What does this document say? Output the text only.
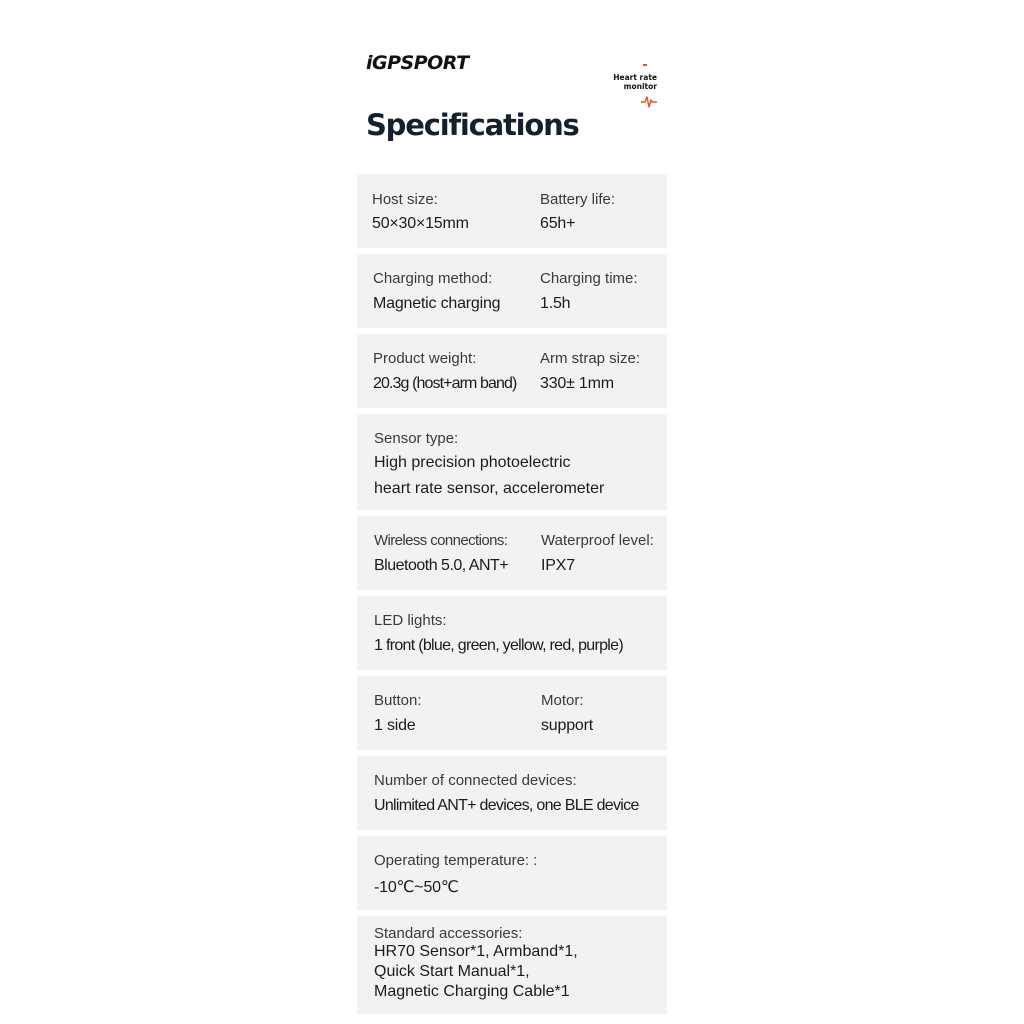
iGPSPORT
Heart rate
monitor
Specifications
Host size:
50×30×15mm
Battery life:
65h+
Charging method:
Magnetic charging
Charging time:
1.5h
Product weight:
20.3g (host+arm band)
Arm strap size:
330± 1mm
Sensor type:
High precision photoelectric
heart rate sensor, accelerometer
Wireless connections:
Bluetooth 5.0, ANT+
Waterproof level:
IPX7
LED lights:
1 front (blue, green, yellow, red, purple)
Button:
1 side
Motor:
support
Number of connected devices:
Unlimited ANT+ devices, one BLE device
Operating temperature: :
-10℃~50℃
Standard accessories:
HR70 Sensor*1, Armband*1,
Quick Start Manual*1,
Magnetic Charging Cable*1
